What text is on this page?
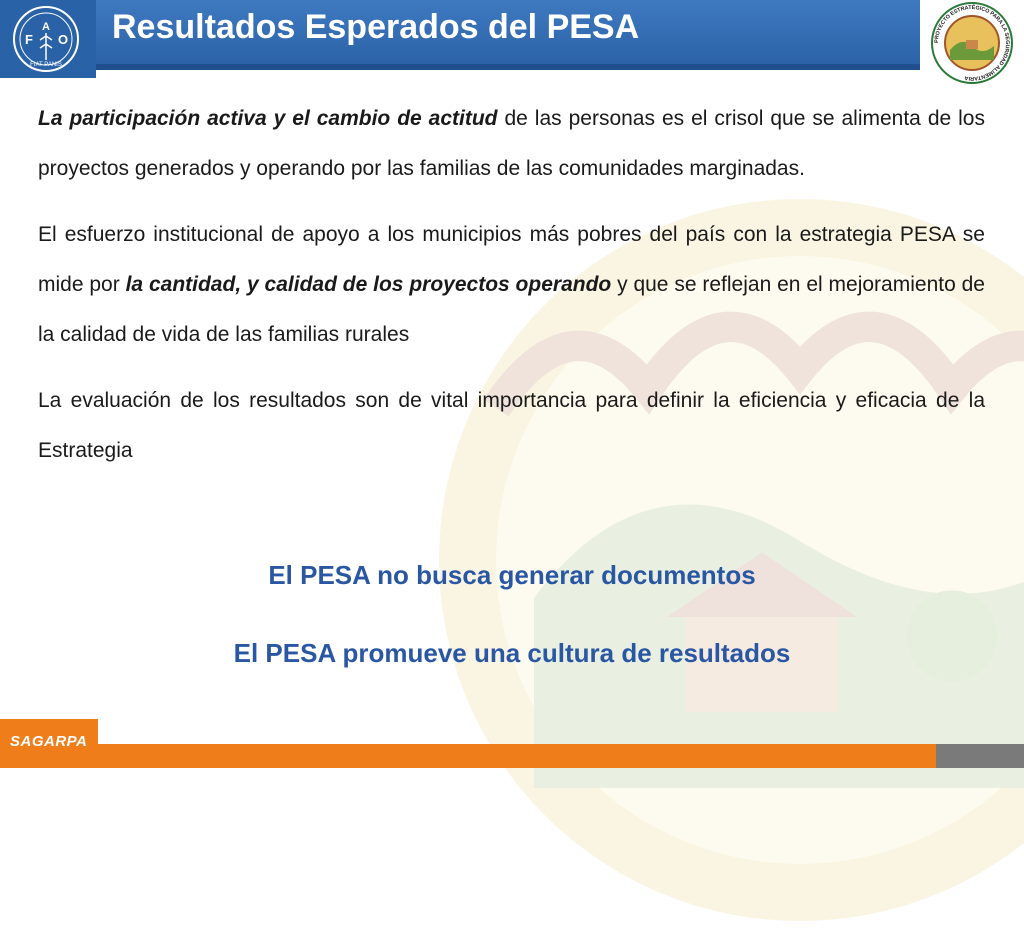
A
F O
FIAT PANIS
Resultados Esperados del PESA	PROYECTO ESTRATÉGICO PARA LA SEGURIDAD ALIMENTARIA

La participación activa y el cambio de actitud de las personas es el crisol que se alimenta de los proyectos generados y operando por las familias de las comunidades marginadas.

El esfuerzo institucional de apoyo a los municipios más pobres del país con la estrategia PESA se mide por la cantidad, y calidad de los proyectos operando y que se reflejan en el mejoramiento de la calidad de vida de las familias rurales

La evaluación de los resultados son de vital importancia para definir la eficiencia y eficacia de la Estrategia

El PESA no busca generar documentos
El PESA promueve una cultura de resultados
SAGARPA
